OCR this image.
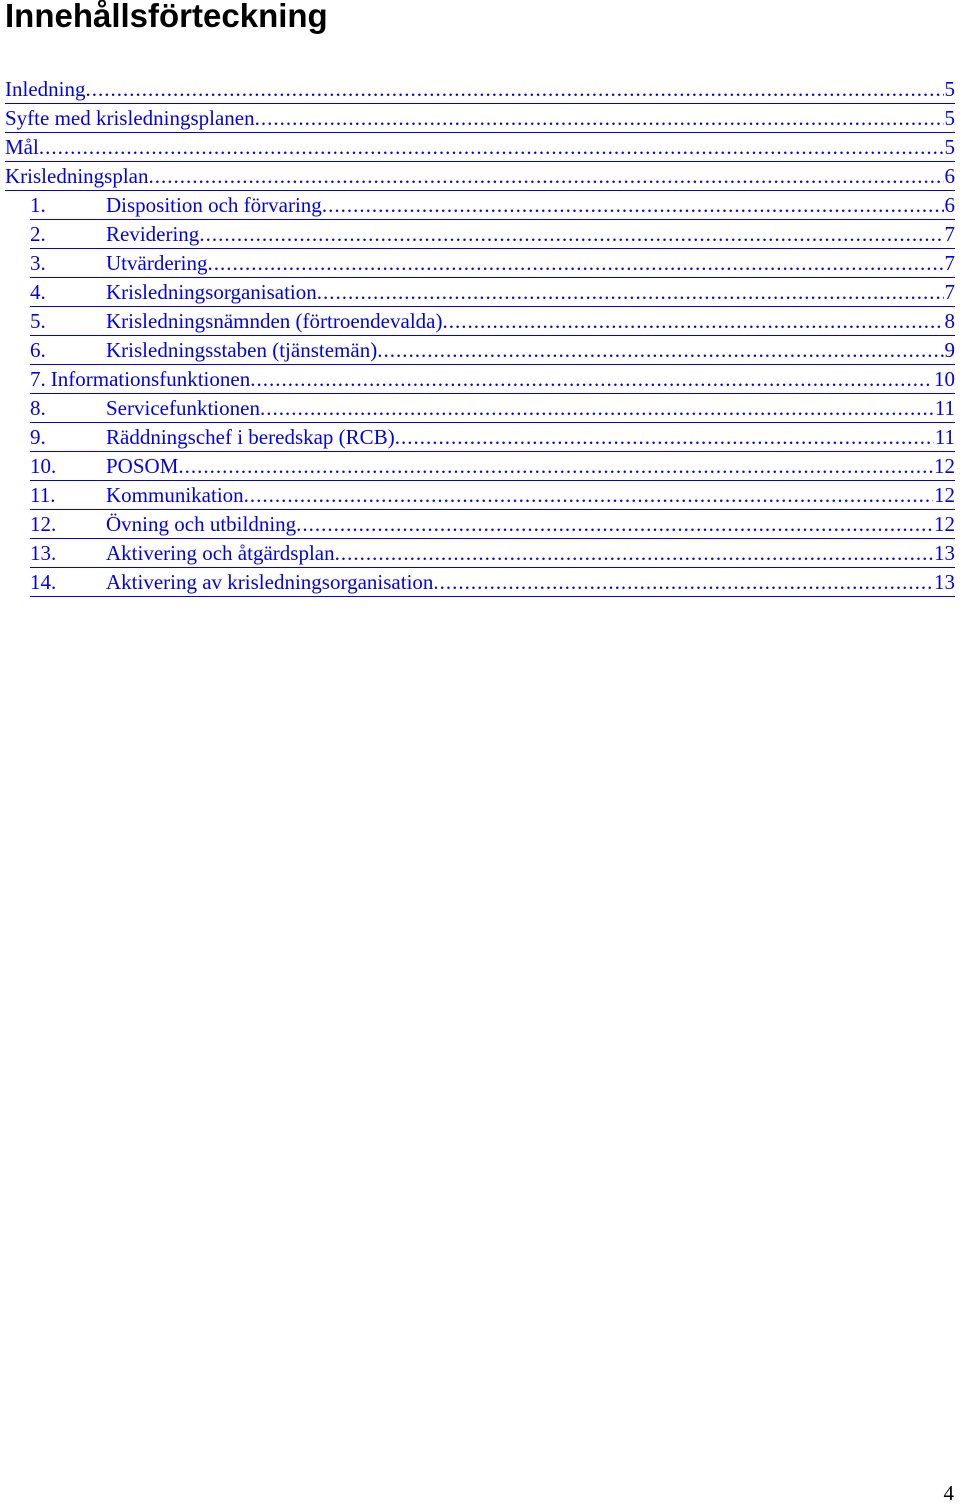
Innehållsförteckning
Inledning .....	5
Syfte med krisledningsplanen .....	5
Mål .....	5
Krisledningsplan .....	6
1.	Disposition och förvaring .....	6
2.	Revidering .....	7
3.	Utvärdering .....	7
4.	Krisledningsorganisation .....	7
5.	Krisledningsnämnden (förtroendevalda) .....	8
6.	Krisledningsstaben (tjänstemän) .....	9
7. Informationsfunktionen .....	10
8.	Servicefunktionen .....	11
9.	Räddningschef i beredskap (RCB) .....	11
10.	POSOM .....	12
11.	Kommunikation .....	12
12.	Övning och utbildning .....	12
13.	Aktivering och åtgärdsplan .....	13
14.	Aktivering av krisledningsorganisation .....	13
4
